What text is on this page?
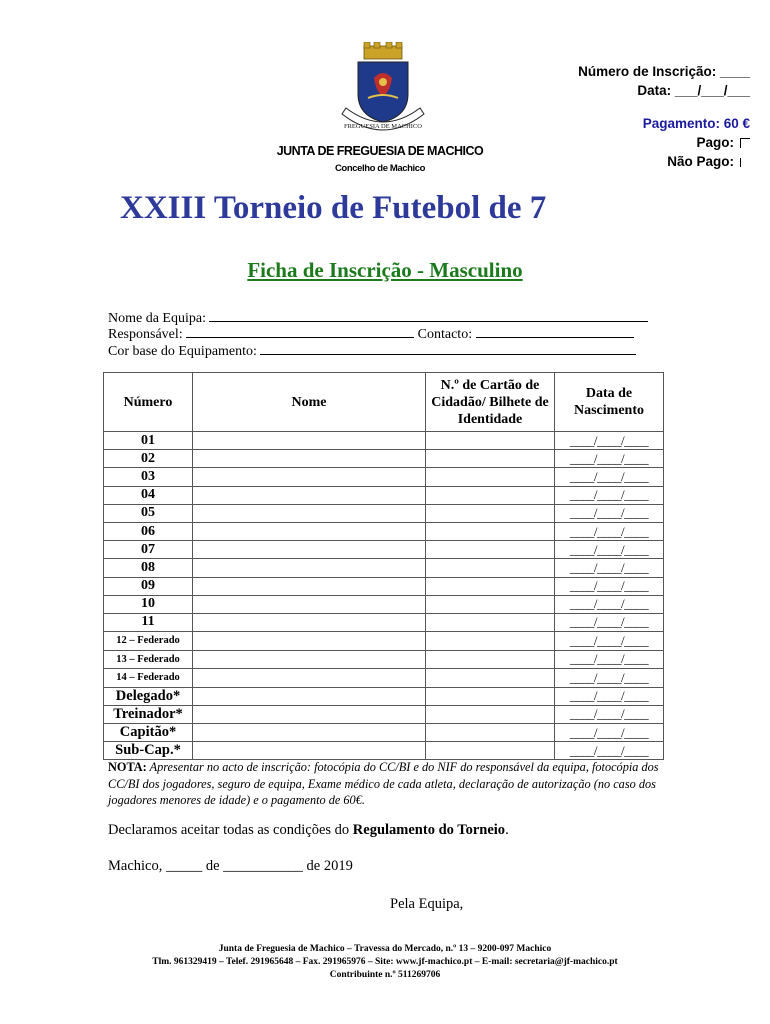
Número de Inscrição: ____
Data: ___/___/___
Pagamento: 60 €
Pago:
Não Pago:
FREGUESIA DE MACHICO
JUNTA DE FREGUESIA DE MACHICO
Concelho de Machico
XXIII Torneio de Futebol de 7
Ficha de Inscrição - Masculino
Nome da Equipa:
Responsável:	Contacto:
Cor base do Equipamento:
Número	Nome	N.º de Cartão de Cidadão/ Bilhete de Identidade	Data de Nascimento
01			____/____/____
02			____/____/____
03			____/____/____
04			____/____/____
05			____/____/____
06			____/____/____
07			____/____/____
08			____/____/____
09			____/____/____
10			____/____/____
11			____/____/____
12 – Federado			____/____/____
13 – Federado			____/____/____
14 – Federado			____/____/____
Delegado*			____/____/____
Treinador*			____/____/____
Capitão*			____/____/____
Sub-Cap.*			____/____/____
NOTA: Apresentar no acto de inscrição: fotocópia do CC/BI e do NIF do responsável da equipa, fotocópia dos CC/BI dos jogadores, seguro de equipa, Exame médico de cada atleta, declaração de autorização (no caso dos jogadores menores de idade) e o pagamento de 60€.
Declaramos aceitar todas as condições do Regulamento do Torneio.
Machico, _____ de ___________ de 2019
Pela Equipa,
Junta de Freguesia de Machico – Travessa do Mercado, n.º 13 – 9200-097 Machico
Tlm. 961329419 – Telef. 291965648 – Fax. 291965976 – Site: www.jf-machico.pt – E-mail: secretaria@jf-machico.pt
Contribuinte n.º 511269706
